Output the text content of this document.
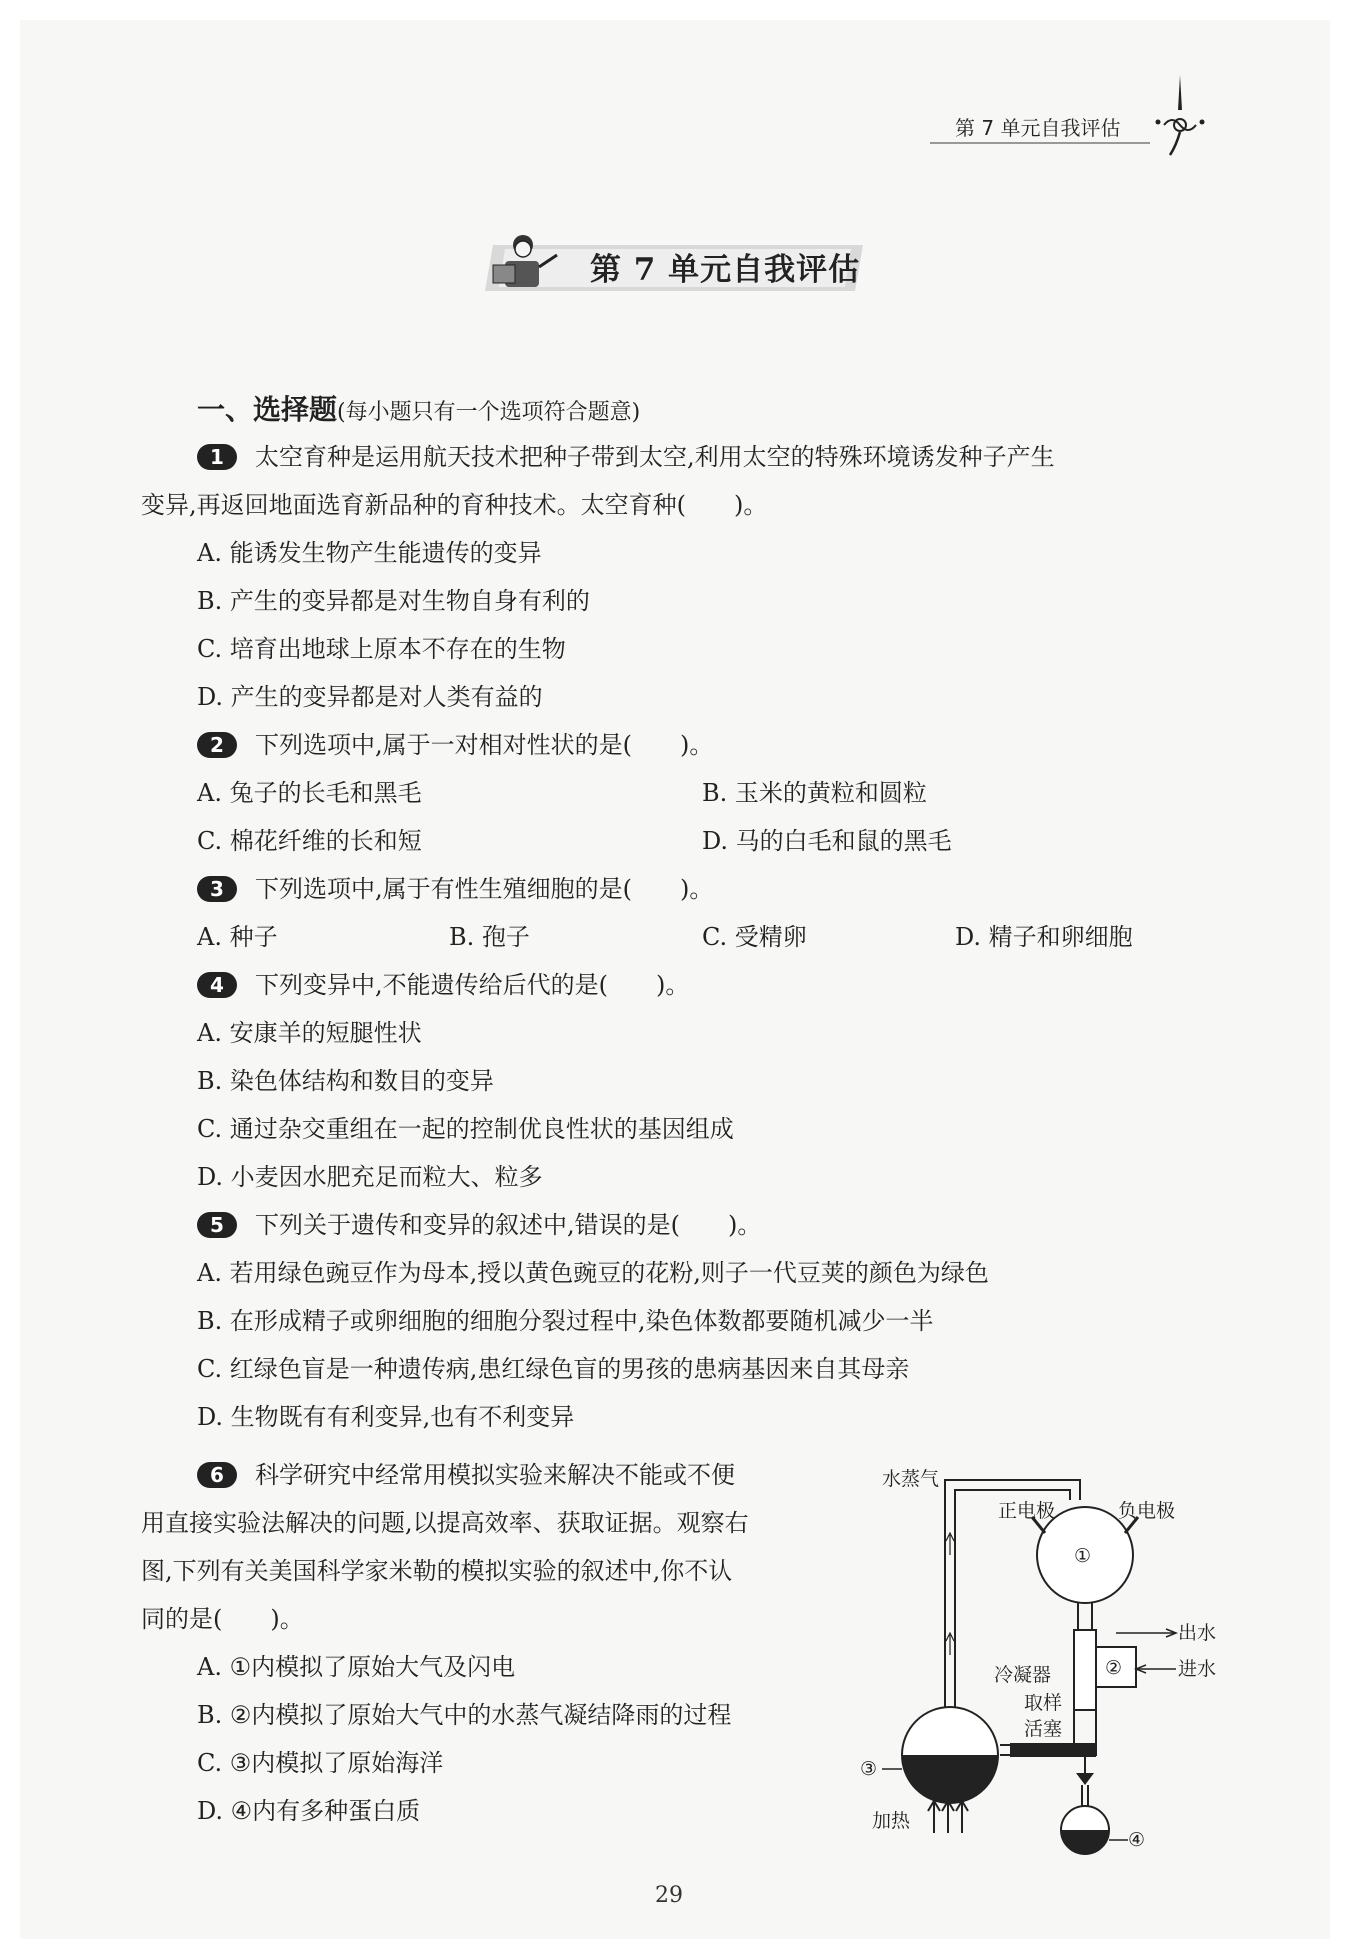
第 7 单元自我评估
第 7 单元自我评估
一、选择题(每小题只有一个选项符合题意)
1 太空育种是运用航天技术把种子带到太空,利用太空的特殊环境诱发种子产生
变异,再返回地面选育新品种的育种技术。太空育种(　　)。
A. 能诱发生物产生能遗传的变异
B. 产生的变异都是对生物自身有利的
C. 培育出地球上原本不存在的生物
D. 产生的变异都是对人类有益的
2 下列选项中,属于一对相对性状的是(　　)。
A. 兔子的长毛和黑毛	B. 玉米的黄粒和圆粒
C. 棉花纤维的长和短	D. 马的白毛和鼠的黑毛
3 下列选项中,属于有性生殖细胞的是(　　)。
A. 种子	B. 孢子	C. 受精卵	D. 精子和卵细胞
4 下列变异中,不能遗传给后代的是(　　)。
A. 安康羊的短腿性状
B. 染色体结构和数目的变异
C. 通过杂交重组在一起的控制优良性状的基因组成
D. 小麦因水肥充足而粒大、粒多
5 下列关于遗传和变异的叙述中,错误的是(　　)。
A. 若用绿色豌豆作为母本,授以黄色豌豆的花粉,则子一代豆荚的颜色为绿色
B. 在形成精子或卵细胞的细胞分裂过程中,染色体数都要随机减少一半
C. 红绿色盲是一种遗传病,患红绿色盲的男孩的患病基因来自其母亲
D. 生物既有有利变异,也有不利变异
6 科学研究中经常用模拟实验来解决不能或不便
用直接实验法解决的问题,以提高效率、获取证据。观察右
图,下列有关美国科学家米勒的模拟实验的叙述中,你不认
同的是(　　)。
A. ①内模拟了原始大气及闪电
B. ②内模拟了原始大气中的水蒸气凝结降雨的过程
C. ③内模拟了原始海洋
D. ④内有多种蛋白质
水蒸气
正电极	负电极
①
冷凝器	②
出水
进水
取样
活塞
③
加热
④
29
